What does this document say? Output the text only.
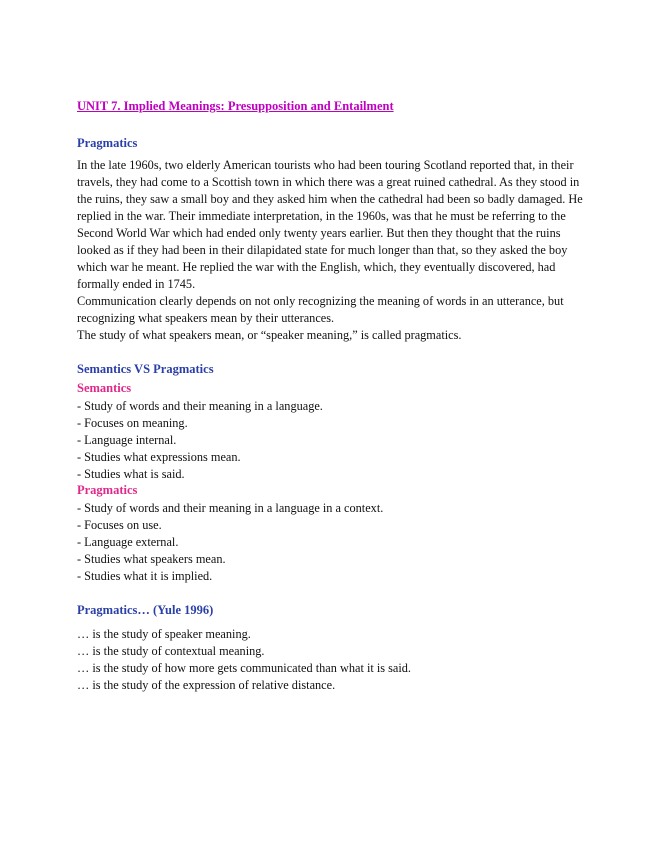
UNIT 7. Implied Meanings: Presupposition and Entailment
Pragmatics

In the late 1960s, two elderly American tourists who had been touring Scotland reported that, in their travels, they had come to a Scottish town in which there was a great ruined cathedral. As they stood in the ruins, they saw a small boy and they asked him when the cathedral had been so badly damaged. He replied in the war. Their immediate interpretation, in the 1960s, was that he must be referring to the Second World War which had ended only twenty years earlier. But then they thought that the ruins looked as if they had been in their dilapidated state for much longer than that, so they asked the boy which war he meant. He replied the war with the English, which, they eventually discovered, had formally ended in 1745.

Communication clearly depends on not only recognizing the meaning of words in an utterance, but recognizing what speakers mean by their utterances.

The study of what speakers mean, or “speaker meaning,” is called pragmatics.

Semantics VS Pragmatics
Semantics
- Study of words and their meaning in a language.
- Focuses on meaning.
- Language internal.
- Studies what expressions mean.
- Studies what is said.
Pragmatics
- Study of words and their meaning in a language in a context.
- Focuses on use.
- Language external.
- Studies what speakers mean.
- Studies what it is implied.
Pragmatics… (Yule 1996)
… is the study of speaker meaning.
… is the study of contextual meaning.
… is the study of how more gets communicated than what it is said.
… is the study of the expression of relative distance.
